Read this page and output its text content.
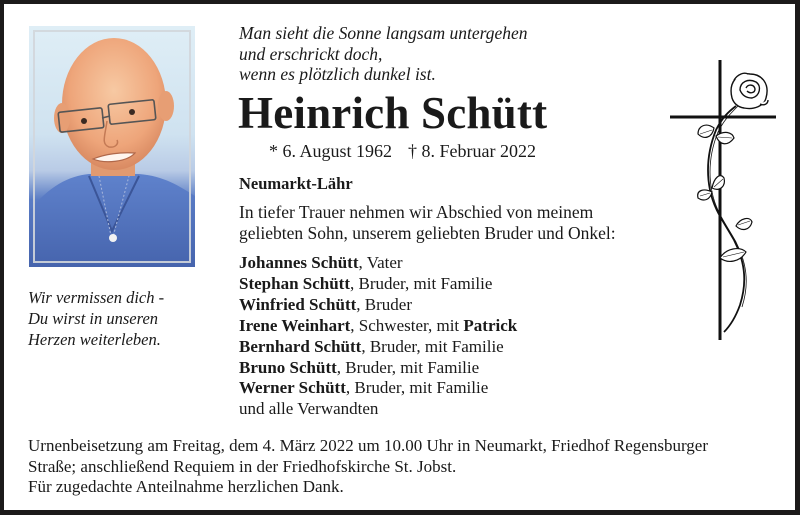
Man sieht die Sonne langsam untergehen
und erschrickt doch,
wenn es plötzlich dunkel ist.
Heinrich Schütt
* 6. August 1962 † 8. Februar 2022
Neumarkt-Lähr
In tiefer Trauer nehmen wir Abschied von meinem
geliebten Sohn, unserem geliebten Bruder und Onkel:
Johannes Schütt, Vater
Stephan Schütt, Bruder, mit Familie
Winfried Schütt, Bruder
Irene Weinhart, Schwester, mit Patrick
Bernhard Schütt, Bruder, mit Familie
Bruno Schütt, Bruder, mit Familie
Werner Schütt, Bruder, mit Familie
und alle Verwandten
Wir vermissen dich -
Du wirst in unseren
Herzen weiterleben.
Urnenbeisetzung am Freitag, dem 4. März 2022 um 10.00 Uhr in Neumarkt, Friedhof Regensburger
Straße; anschließend Requiem in der Friedhofskirche St. Jobst.
Für zugedachte Anteilnahme herzlichen Dank.
